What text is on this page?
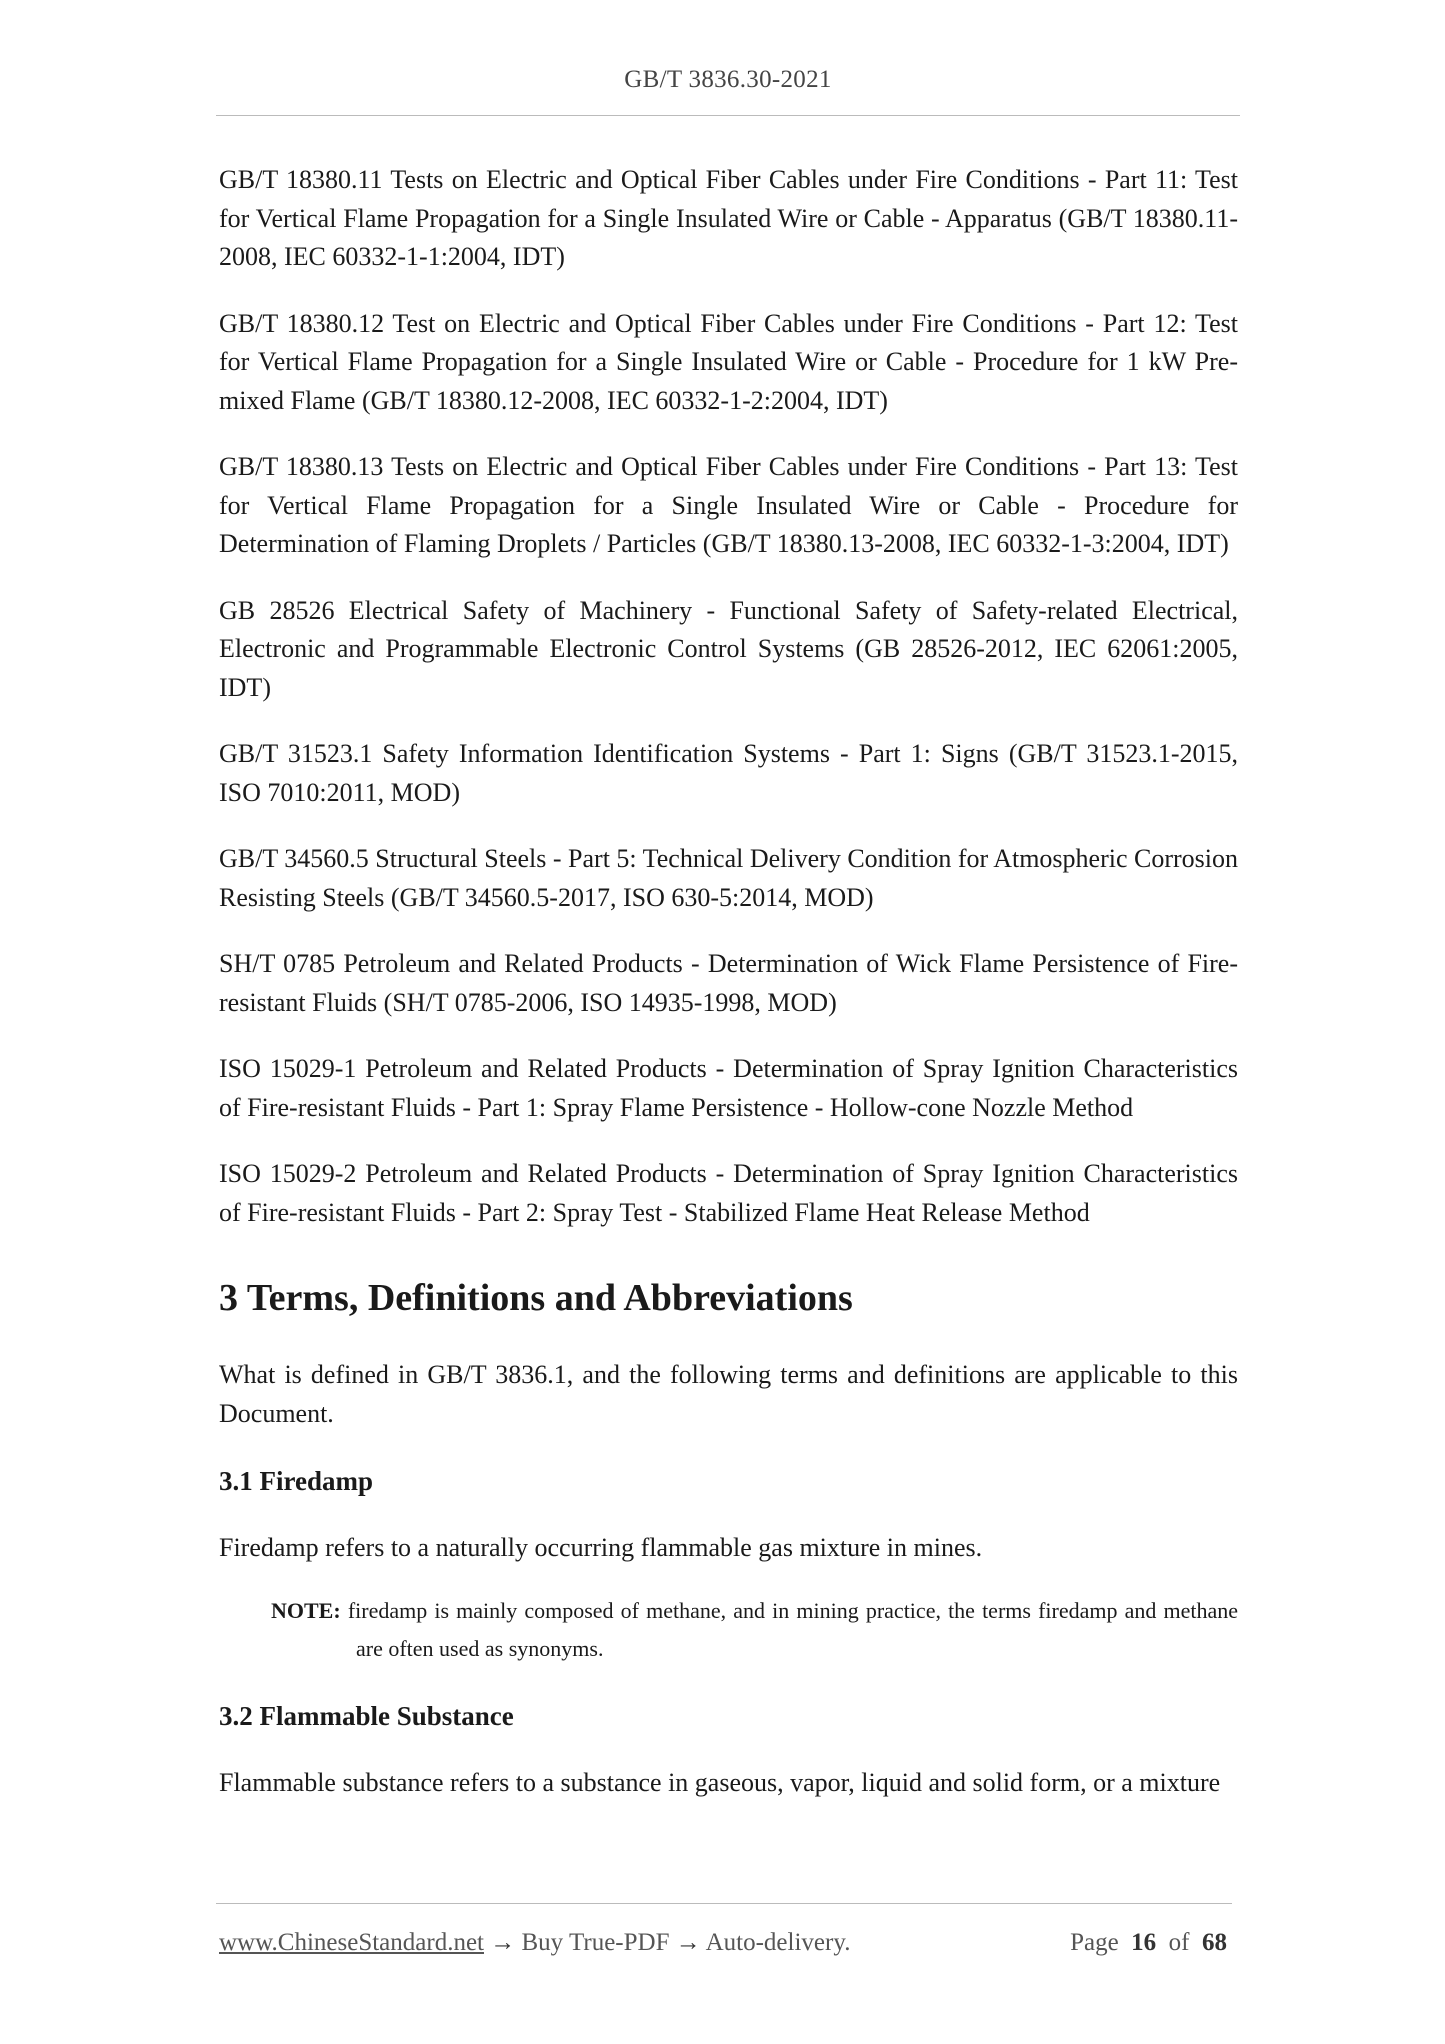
GB/T 3836.30-2021

GB/T 18380.11 Tests on Electric and Optical Fiber Cables under Fire Conditions - Part 11: Test for Vertical Flame Propagation for a Single Insulated Wire or Cable - Apparatus (GB/T 18380.11-2008, IEC 60332-1-1:2004, IDT)

GB/T 18380.12 Test on Electric and Optical Fiber Cables under Fire Conditions - Part 12: Test for Vertical Flame Propagation for a Single Insulated Wire or Cable - Procedure for 1 kW Pre-mixed Flame (GB/T 18380.12-2008, IEC 60332-1-2:2004, IDT)

GB/T 18380.13 Tests on Electric and Optical Fiber Cables under Fire Conditions - Part 13: Test for Vertical Flame Propagation for a Single Insulated Wire or Cable - Procedure for Determination of Flaming Droplets / Particles (GB/T 18380.13-2008, IEC 60332-1-3:2004, IDT)

GB 28526 Electrical Safety of Machinery - Functional Safety of Safety-related Electrical, Electronic and Programmable Electronic Control Systems (GB 28526-2012, IEC 62061:2005, IDT)

GB/T 31523.1 Safety Information Identification Systems - Part 1: Signs (GB/T 31523.1-2015, ISO 7010:2011, MOD)

GB/T 34560.5 Structural Steels - Part 5: Technical Delivery Condition for Atmospheric Corrosion Resisting Steels (GB/T 34560.5-2017, ISO 630-5:2014, MOD)

SH/T 0785 Petroleum and Related Products - Determination of Wick Flame Persistence of Fire-resistant Fluids (SH/T 0785-2006, ISO 14935-1998, MOD)

ISO 15029-1 Petroleum and Related Products - Determination of Spray Ignition Characteristics of Fire-resistant Fluids - Part 1: Spray Flame Persistence - Hollow-cone Nozzle Method

ISO 15029-2 Petroleum and Related Products - Determination of Spray Ignition Characteristics of Fire-resistant Fluids - Part 2: Spray Test - Stabilized Flame Heat Release Method

3 Terms, Definitions and Abbreviations

What is defined in GB/T 3836.1, and the following terms and definitions are applicable to this Document.

3.1 Firedamp

Firedamp refers to a naturally occurring flammable gas mixture in mines.

NOTE: firedamp is mainly composed of methane, and in mining practice, the terms firedamp and methane are often used as synonyms.

3.2 Flammable Substance

Flammable substance refers to a substance in gaseous, vapor, liquid and solid form, or a mixture

www.ChineseStandard.net → Buy True-PDF → Auto-delivery.	Page 16 of 68
